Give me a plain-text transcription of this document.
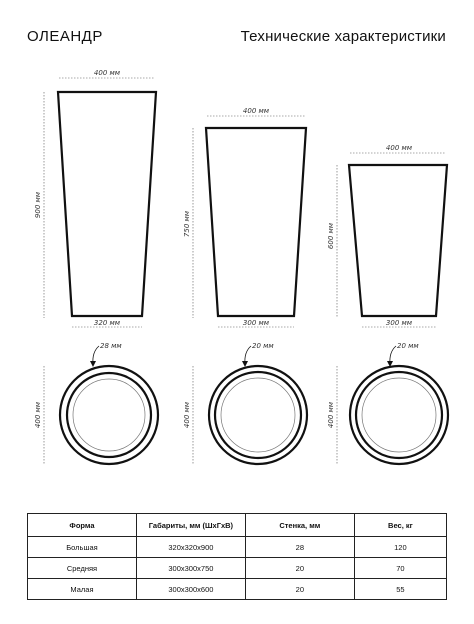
ОЛЕАНДР	Технические характеристики
400 мм
900 мм
320 мм
28 мм
400 мм
400 мм
750 мм
300 мм
20 мм
400 мм
400 мм
600 мм
300 мм
20 мм
400 мм
Форма	Габариты, мм (ШхГхВ)	Стенка, мм	Вес, кг
Большая	320x320x900	28	120
Средняя	300x300x750	20	70
Малая	300x300x600	20	55
